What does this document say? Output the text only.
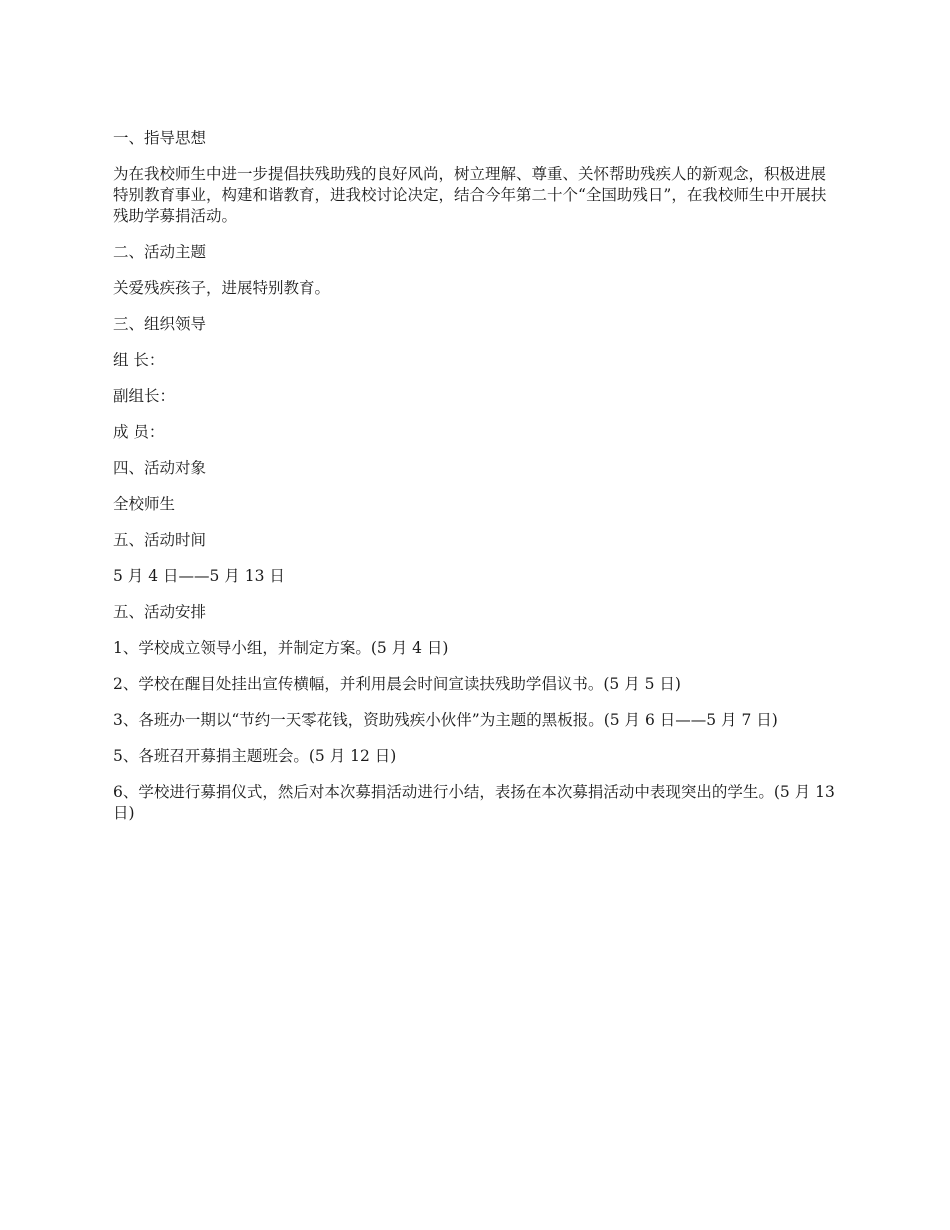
一、指导思想

为在我校师生中进一步提倡扶残助残的良好风尚，树立理解、尊重、关怀帮助残疾人的新观念，积极进展特别教育事业，构建和谐教育，进我校讨论决定，结合今年第二十个“全国助残日”，在我校师生中开展扶残助学募捐活动。

二、活动主题

关爱残疾孩子，进展特别教育。

三、组织领导

组 长：

副组长：

成 员：

四、活动对象

全校师生

五、活动时间

5 月 4 日——5 月 13 日

五、活动安排

1、学校成立领导小组，并制定方案。(5 月 4 日)

2、学校在醒目处挂出宣传横幅，并利用晨会时间宣读扶残助学倡议书。(5 月 5 日)

3、各班办一期以“节约一天零花钱，资助残疾小伙伴”为主题的黑板报。(5 月 6 日——5 月 7 日)

5、各班召开募捐主题班会。(5 月 12 日)

6、学校进行募捐仪式，然后对本次募捐活动进行小结，表扬在本次募捐活动中表现突出的学生。(5 月 13 日)
